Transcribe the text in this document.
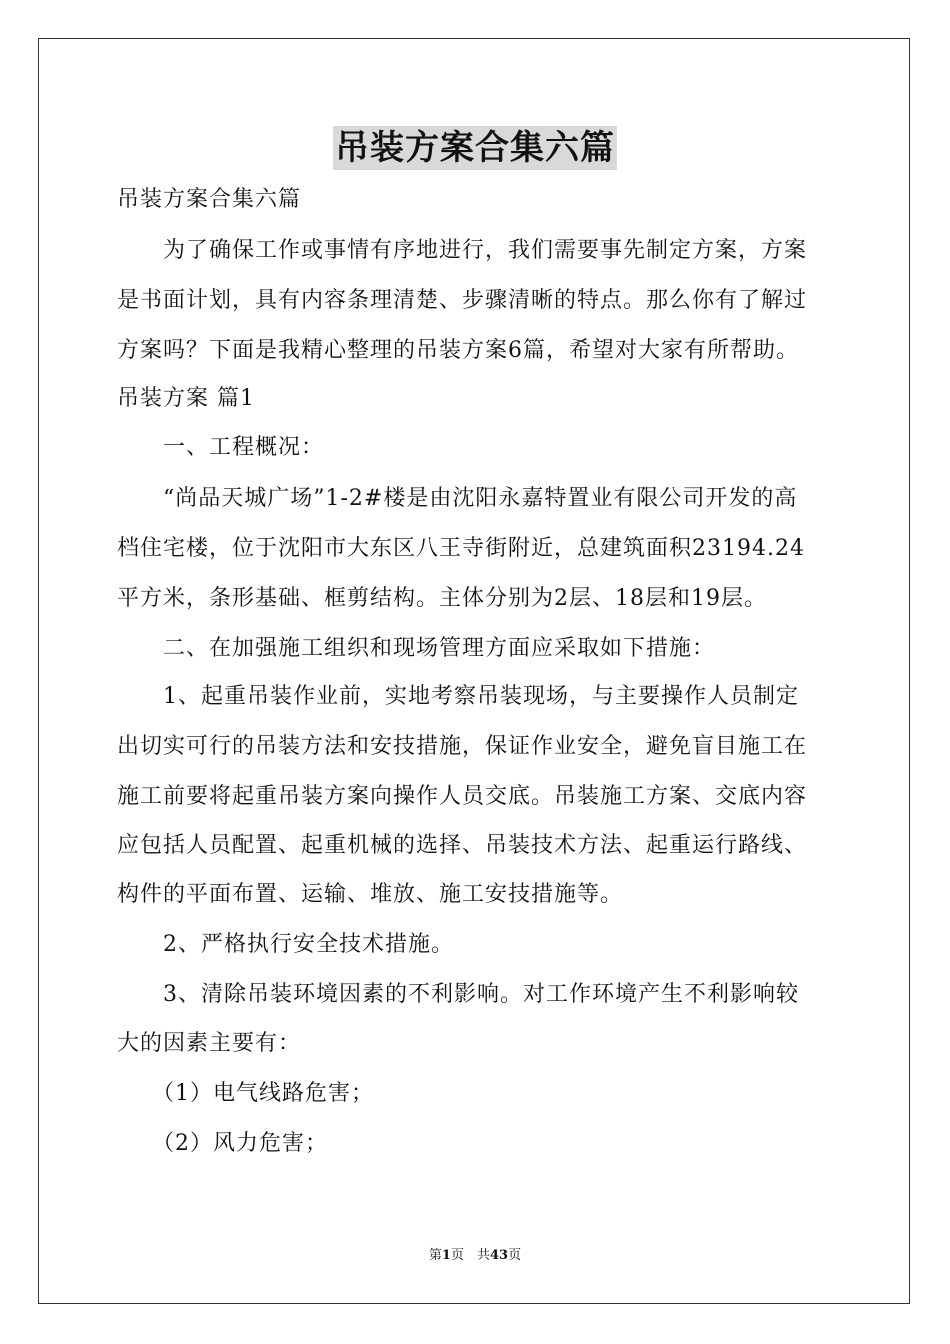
吊装方案合集六篇
吊装方案合集六篇
　　为了确保工作或事情有序地进行，我们需要事先制定方案，方案
是书面计划，具有内容条理清楚、步骤清晰的特点。那么你有了解过
方案吗？下面是我精心整理的吊装方案6篇，希望对大家有所帮助。
吊装方案 篇1
　　一、工程概况：
　　“尚品天城广场”1-2#楼是由沈阳永嘉特置业有限公司开发的高
档住宅楼，位于沈阳市大东区八王寺街附近，总建筑面积23194.24
平方米，条形基础、框剪结构。主体分别为2层、18层和19层。
　　二、在加强施工组织和现场管理方面应采取如下措施：
　　1、起重吊装作业前，实地考察吊装现场，与主要操作人员制定
出切实可行的吊装方法和安技措施，保证作业安全，避免盲目施工在
施工前要将起重吊装方案向操作人员交底。吊装施工方案、交底内容
应包括人员配置、起重机械的选择、吊装技术方法、起重运行路线、
构件的平面布置、运输、堆放、施工安技措施等。
　　2、严格执行安全技术措施。
　　3、清除吊装环境因素的不利影响。对工作环境产生不利影响较
大的因素主要有：
　　（1）电气线路危害；
　　（2）风力危害；
第1页　共43页
